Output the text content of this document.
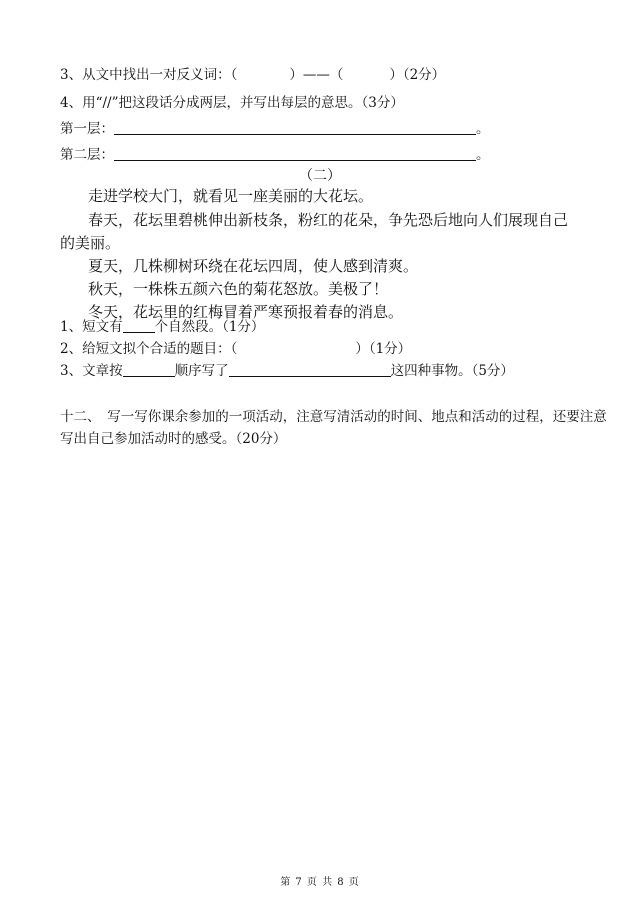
3、从文中找出一对反义词：（	）——（	）（2分）
4、用“//”把这段话分成两层，并写出每层的意思。（3分）
第一层：	。
第二层：	。
（二）
走进学校大门，就看见一座美丽的大花坛。
春天，花坛里碧桃伸出新枝条，粉红的花朵，争先恐后地向人们展现自己
的美丽。
夏天，几株柳树环绕在花坛四周，使人感到清爽。
秋天，一株株五颜六色的菊花怒放。美极了！
冬天，花坛里的红梅冒着严寒预报着春的消息。
1、短文有 个自然段。（1分）
2、给短文拟个合适的题目：（	）（1分）
3、文章按	顺序写了	这四种事物。（5分）
十二、　写一写你课余参加的一项活动，注意写清活动的时间、地点和活动的过程，还要注意
写出自己参加活动时的感受。（20分）
第 7 页 共 8 页
